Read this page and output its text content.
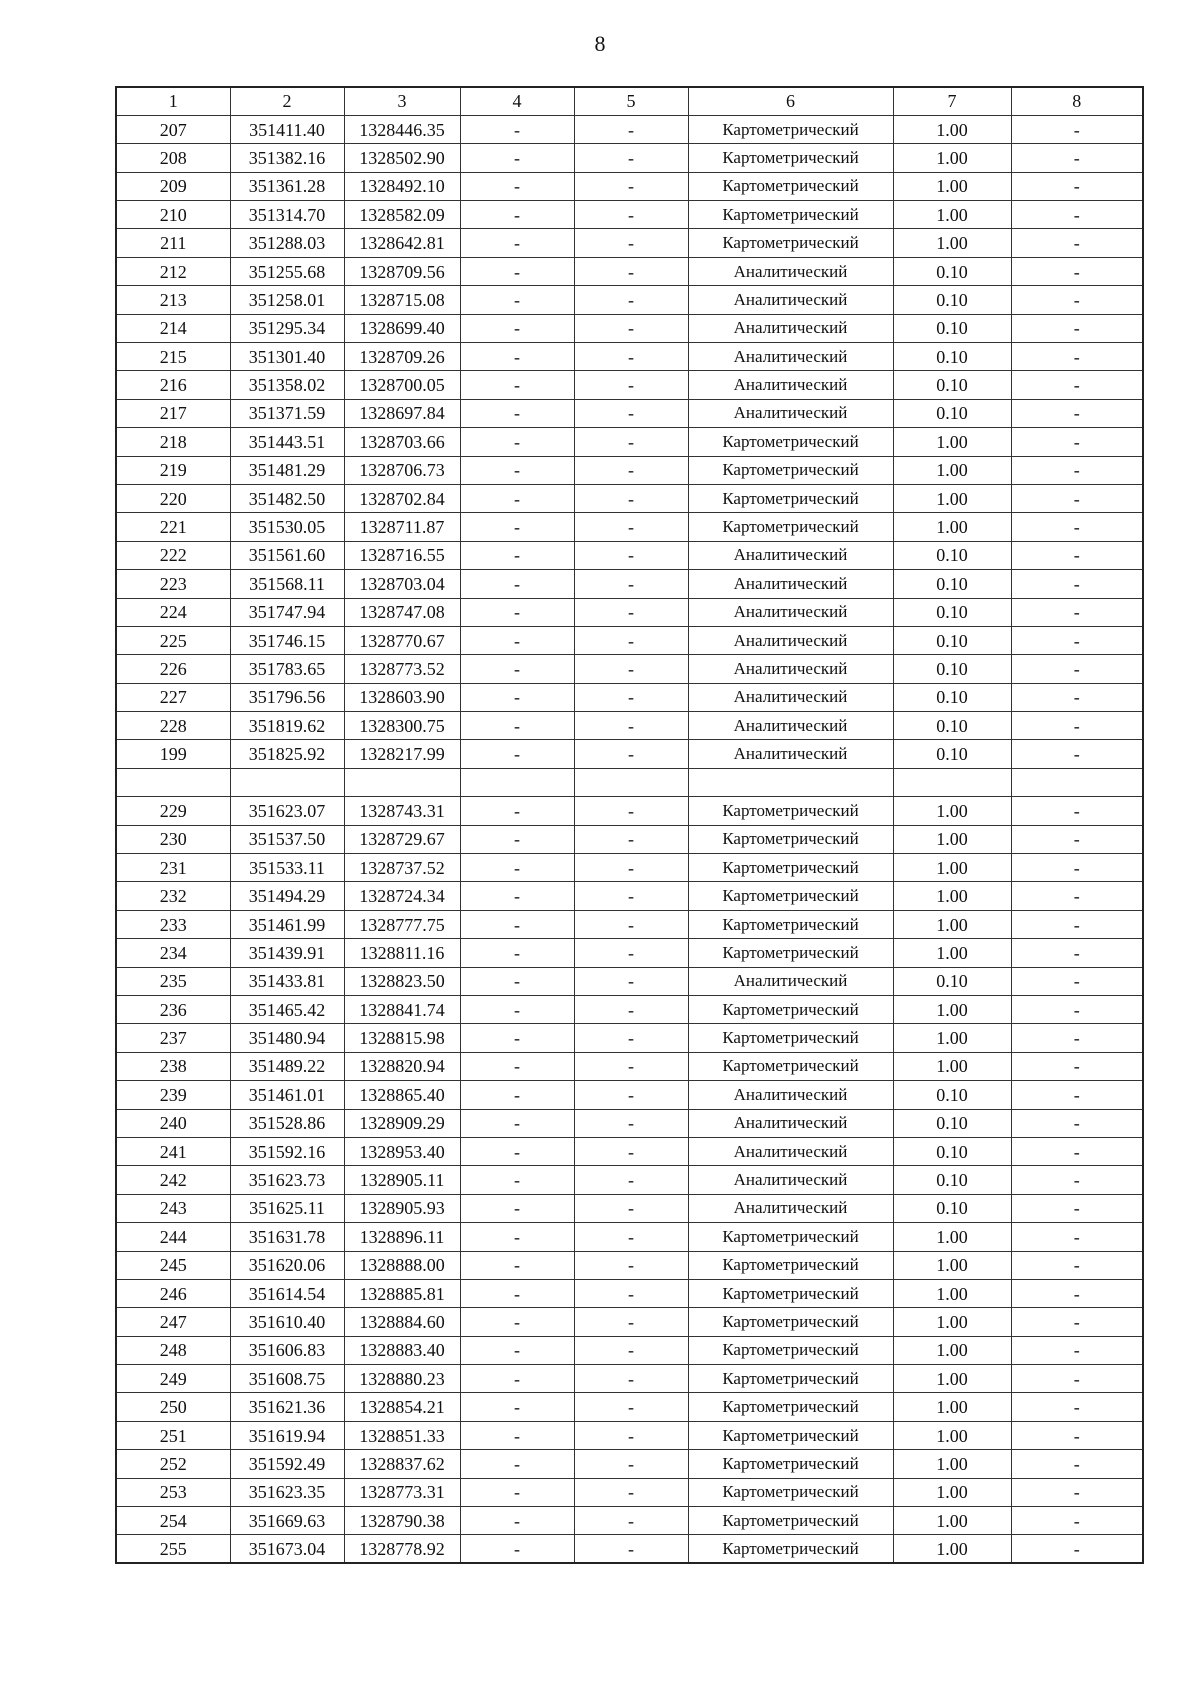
8
1	2	3	4	5	6	7	8
207	351411.40	1328446.35	-	-	Картометрический	1.00	-
208	351382.16	1328502.90	-	-	Картометрический	1.00	-
209	351361.28	1328492.10	-	-	Картометрический	1.00	-
210	351314.70	1328582.09	-	-	Картометрический	1.00	-
211	351288.03	1328642.81	-	-	Картометрический	1.00	-
212	351255.68	1328709.56	-	-	Аналитический	0.10	-
213	351258.01	1328715.08	-	-	Аналитический	0.10	-
214	351295.34	1328699.40	-	-	Аналитический	0.10	-
215	351301.40	1328709.26	-	-	Аналитический	0.10	-
216	351358.02	1328700.05	-	-	Аналитический	0.10	-
217	351371.59	1328697.84	-	-	Аналитический	0.10	-
218	351443.51	1328703.66	-	-	Картометрический	1.00	-
219	351481.29	1328706.73	-	-	Картометрический	1.00	-
220	351482.50	1328702.84	-	-	Картометрический	1.00	-
221	351530.05	1328711.87	-	-	Картометрический	1.00	-
222	351561.60	1328716.55	-	-	Аналитический	0.10	-
223	351568.11	1328703.04	-	-	Аналитический	0.10	-
224	351747.94	1328747.08	-	-	Аналитический	0.10	-
225	351746.15	1328770.67	-	-	Аналитический	0.10	-
226	351783.65	1328773.52	-	-	Аналитический	0.10	-
227	351796.56	1328603.90	-	-	Аналитический	0.10	-
228	351819.62	1328300.75	-	-	Аналитический	0.10	-
199	351825.92	1328217.99	-	-	Аналитический	0.10	-

229	351623.07	1328743.31	-	-	Картометрический	1.00	-
230	351537.50	1328729.67	-	-	Картометрический	1.00	-
231	351533.11	1328737.52	-	-	Картометрический	1.00	-
232	351494.29	1328724.34	-	-	Картометрический	1.00	-
233	351461.99	1328777.75	-	-	Картометрический	1.00	-
234	351439.91	1328811.16	-	-	Картометрический	1.00	-
235	351433.81	1328823.50	-	-	Аналитический	0.10	-
236	351465.42	1328841.74	-	-	Картометрический	1.00	-
237	351480.94	1328815.98	-	-	Картометрический	1.00	-
238	351489.22	1328820.94	-	-	Картометрический	1.00	-
239	351461.01	1328865.40	-	-	Аналитический	0.10	-
240	351528.86	1328909.29	-	-	Аналитический	0.10	-
241	351592.16	1328953.40	-	-	Аналитический	0.10	-
242	351623.73	1328905.11	-	-	Аналитический	0.10	-
243	351625.11	1328905.93	-	-	Аналитический	0.10	-
244	351631.78	1328896.11	-	-	Картометрический	1.00	-
245	351620.06	1328888.00	-	-	Картометрический	1.00	-
246	351614.54	1328885.81	-	-	Картометрический	1.00	-
247	351610.40	1328884.60	-	-	Картометрический	1.00	-
248	351606.83	1328883.40	-	-	Картометрический	1.00	-
249	351608.75	1328880.23	-	-	Картометрический	1.00	-
250	351621.36	1328854.21	-	-	Картометрический	1.00	-
251	351619.94	1328851.33	-	-	Картометрический	1.00	-
252	351592.49	1328837.62	-	-	Картометрический	1.00	-
253	351623.35	1328773.31	-	-	Картометрический	1.00	-
254	351669.63	1328790.38	-	-	Картометрический	1.00	-
255	351673.04	1328778.92	-	-	Картометрический	1.00	-
